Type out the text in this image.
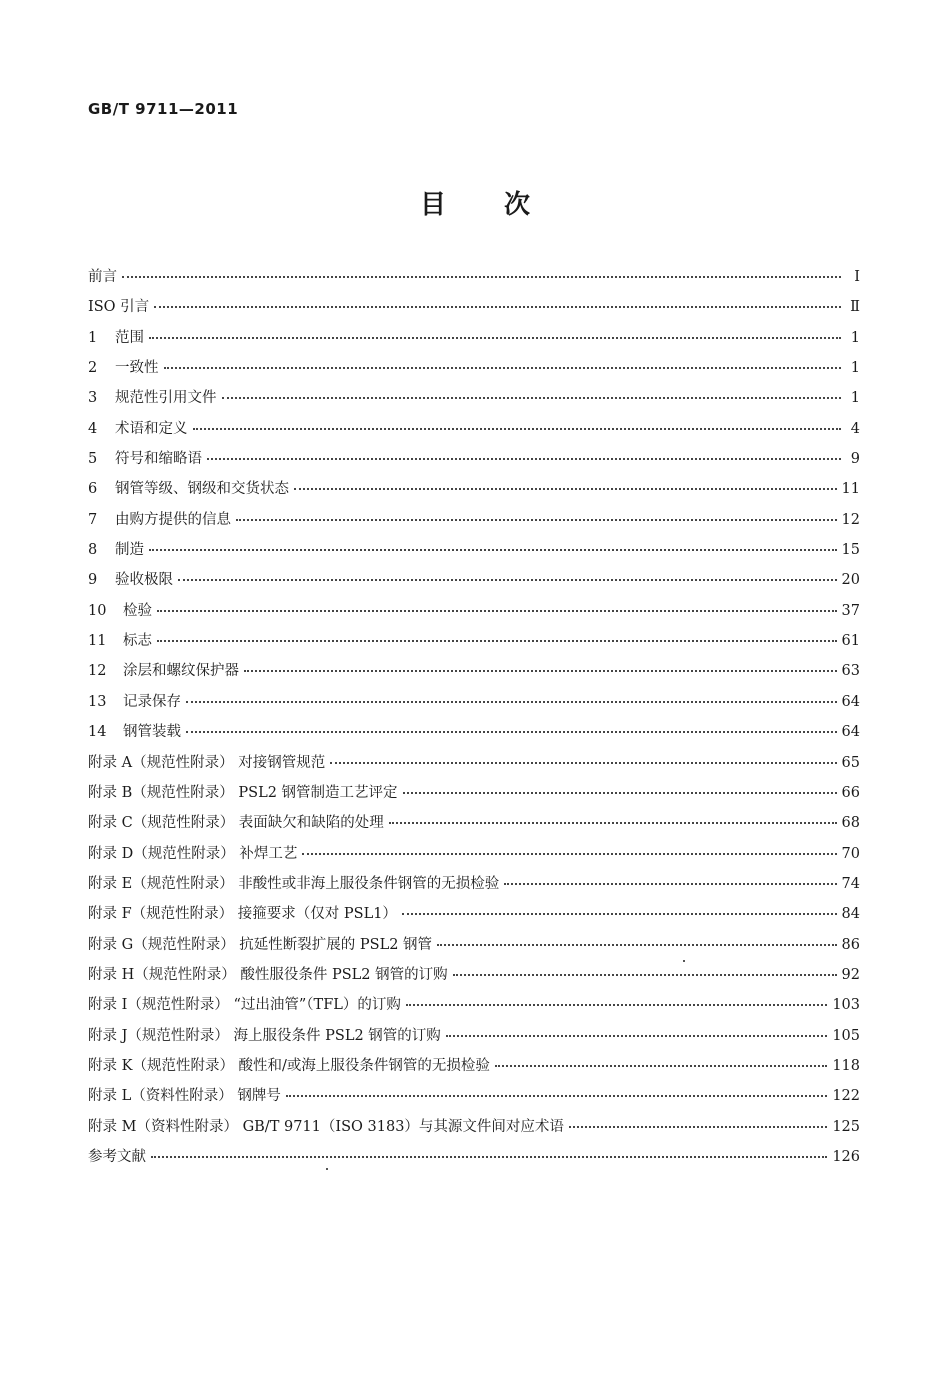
GB/T 9711—2011
目次
前言	Ⅰ
ISO 引言	Ⅱ
1	范围	1
2	一致性	1
3	规范性引用文件	1
4	术语和定义	4
5	符号和缩略语	9
6	钢管等级、钢级和交货状态	11
7	由购方提供的信息	12
8	制造	15
9	验收极限	20
10	检验	37
11	标志	61
12	涂层和螺纹保护器	63
13	记录保存	64
14	钢管装载	64
附录 A（规范性附录） 对接钢管规范	65
附录 B（规范性附录） PSL2 钢管制造工艺评定	66
附录 C（规范性附录） 表面缺欠和缺陷的处理	68
附录 D（规范性附录） 补焊工艺	70
附录 E（规范性附录） 非酸性或非海上服役条件钢管的无损检验	74
附录 F（规范性附录） 接箍要求（仅对 PSL1）	84
附录 G（规范性附录） 抗延性断裂扩展的 PSL2 钢管	86
附录 H（规范性附录） 酸性服役条件 PSL2 钢管的订购	92
附录 I（规范性附录） “过出油管”（TFL）的订购	103
附录 J（规范性附录） 海上服役条件 PSL2 钢管的订购	105
附录 K（规范性附录） 酸性和/或海上服役条件钢管的无损检验	118
附录 L（资料性附录） 钢牌号	122
附录 M（资料性附录） GB/T 9711（ISO 3183）与其源文件间对应术语	125
参考文献	126
